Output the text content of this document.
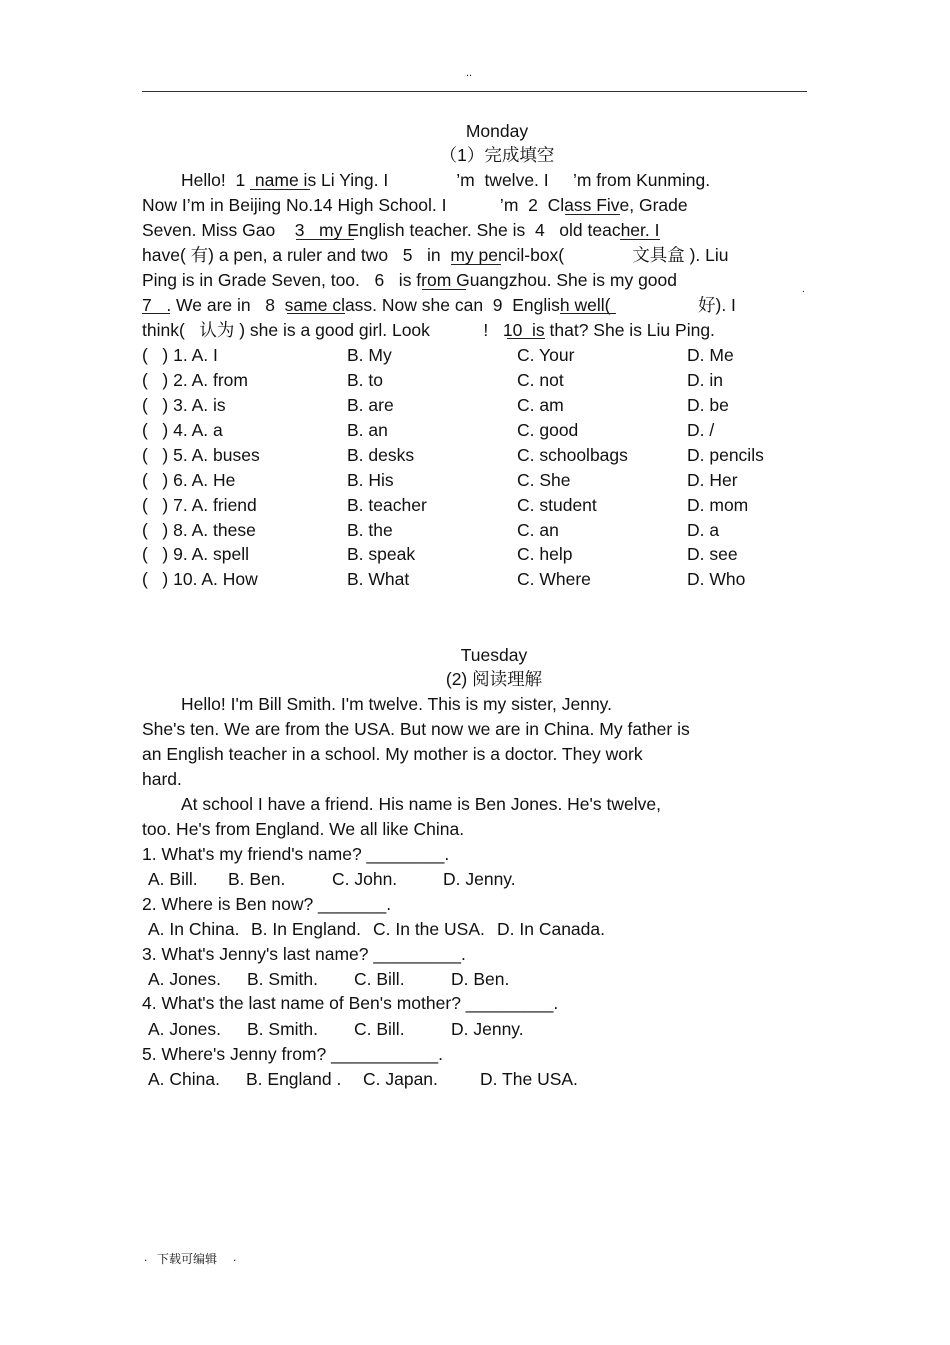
..
Monday
（1）完成填空
Hello!  1  name is Li Ying. I              ’m  twelve. I     ’m from Kunming.
Now I’m in Beijing No.14 High School. I           ’m  2  Class Five, Grade
Seven. Miss Gao    3   my English teacher. She is  4   old teacher. I
have( 有) a pen, a ruler and two   5   in  my pencil-box(              文具盒 ). Liu
Ping is in Grade Seven, too.   6   is from Guangzhou. She is my good
7   . We are in   8  same class. Now she can  9  English well(                  好). I
think(   认为 ) she is a good girl. Look           !   10  is that? She is Liu Ping.
.
(   ) 1. A. I	B. My	C. Your	D. Me
(   ) 2. A. from	B. to	C. not	D. in
(   ) 3. A. is	B. are	C. am	D. be
(   ) 4. A. a	B. an	C. good	D. /
(   ) 5. A. buses	B. desks	C. schoolbags	D. pencils
(   ) 6. A. He	B. His	C. She	D. Her
(   ) 7. A. friend	B. teacher	C. student	D. mom
(   ) 8. A. these	B. the	C. an	D. a
(   ) 9. A. spell	B. speak	C. help	D. see
(   ) 10. A. How	B. What	C. Where	D. Who
Tuesday
(2) 阅读理解
Hello! I'm Bill Smith. I'm twelve. This is my sister, Jenny.
She's ten. We are from the USA. But now we are in China. My father is
an English teacher in a school. My mother is a doctor. They work
hard.
At school I have a friend. His name is Ben Jones. He's twelve,
too. He's from England. We all like China.
1. What's my friend's name? ________.
A. Bill. B. Ben.	C. John.	D. Jenny.
2. Where is Ben now? _______.
A. In China. B. In England. C. In the USA. D. In Canada.
3. What's Jenny's last name? _________.
A. Jones. B. Smith. C. Bill.	D. Ben.
4. What's the last name of Ben's mother? _________.
A. Jones. B. Smith. C. Bill.	D. Jenny.
5. Where's Jenny from? ___________.
A. China. B. England . C. Japan. D. The USA.
. 下载可编辑 .
